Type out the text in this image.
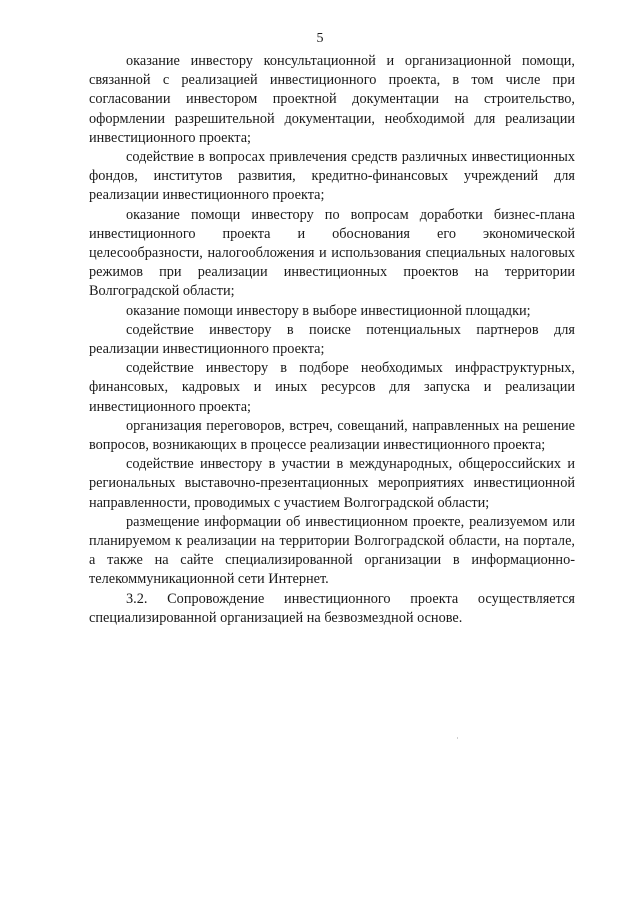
5

оказание инвестору консультационной и организационной помощи, связанной с реализацией инвестиционного проекта, в том числе при согласовании инвестором проектной документации на строительство, оформлении разрешительной документации, необходимой для реализации инвестиционного проекта;

содействие в вопросах привлечения средств различных инвестиционных фондов, институтов развития, кредитно-финансовых учреждений для реализации инвестиционного проекта;

оказание помощи инвестору по вопросам доработки бизнес-плана инвестиционного проекта и обоснования его экономической целесообразности, налогообложения и использования специальных налоговых режимов при реализации инвестиционных проектов на территории Волгоградской области;

оказание помощи инвестору в выборе инвестиционной площадки;

содействие инвестору в поиске потенциальных партнеров для реализации инвестиционного проекта;

содействие инвестору в подборе необходимых инфраструктурных, финансовых, кадровых и иных ресурсов для запуска и реализации инвестиционного проекта;

организация переговоров, встреч, совещаний, направленных на решение вопросов, возникающих в процессе реализации инвестиционного проекта;

содействие инвестору в участии в международных, общероссийских и региональных выставочно-презентационных мероприятиях инвестиционной направленности, проводимых с участием Волгоградской области;

размещение информации об инвестиционном проекте, реализуемом или планируемом к реализации на территории Волгоградской области, на портале, а также на сайте специализированной организации в информационно-телекоммуникационной сети Интернет.

3.2. Сопровождение инвестиционного проекта осуществляется специализированной организацией на безвозмездной основе.
